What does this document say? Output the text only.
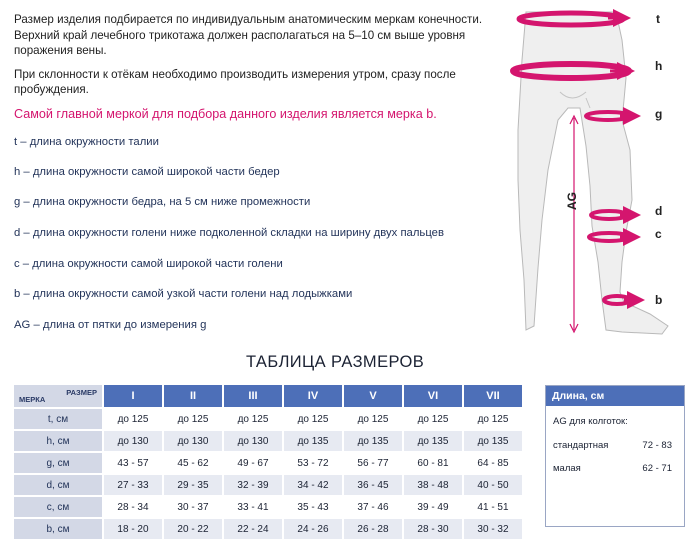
Размер изделия подбирается по индивидуальным анатомическим меркам конечности. Верхний край лечебного трикотажа должен располагаться на 5–10 см выше уровня поражения вены.

При склонности к отёкам необходимо производить измерения утром, сразу после пробуждения.

Самой главной меркой для подбора данного изделия является мерка b.
t – длина окружности талии
h – длина окружности самой широкой части бедер
g – длина окружности бедра, на 5 см ниже промежности
d – длина окружности голени ниже подколенной складки на ширину двух пальцев
c – длина окружности самой широкой части голени
b – длина окружности самой узкой части голени над лодыжками
AG – длина от пятки до измерения g
AG
t
h
g
d
c
b
ТАБЛИЦА РАЗМЕРОВ
РАЗМЕР
МЕРКА	I	II	III	IV	V	VI	VII
t, см	до 125	до 125	до 125	до 125	до 125	до 125	до 125
h, см	до 130	до 130	до 130	до 135	до 135	до 135	до 135
g, см	43 - 57	45 - 62	49 - 67	53 - 72	56 - 77	60 - 81	64 - 85
d, см	27 - 33	29 - 35	32 - 39	34 - 42	36 - 45	38 - 48	40 - 50
c, см	28 - 34	30 - 37	33 - 41	35 - 43	37 - 46	39 - 49	41 - 51
b, см	18 - 20	20 - 22	22 - 24	24 - 26	26 - 28	28 - 30	30 - 32
Длина, см
AG для колготок:
стандартная	72 - 83
малая	62 - 71
